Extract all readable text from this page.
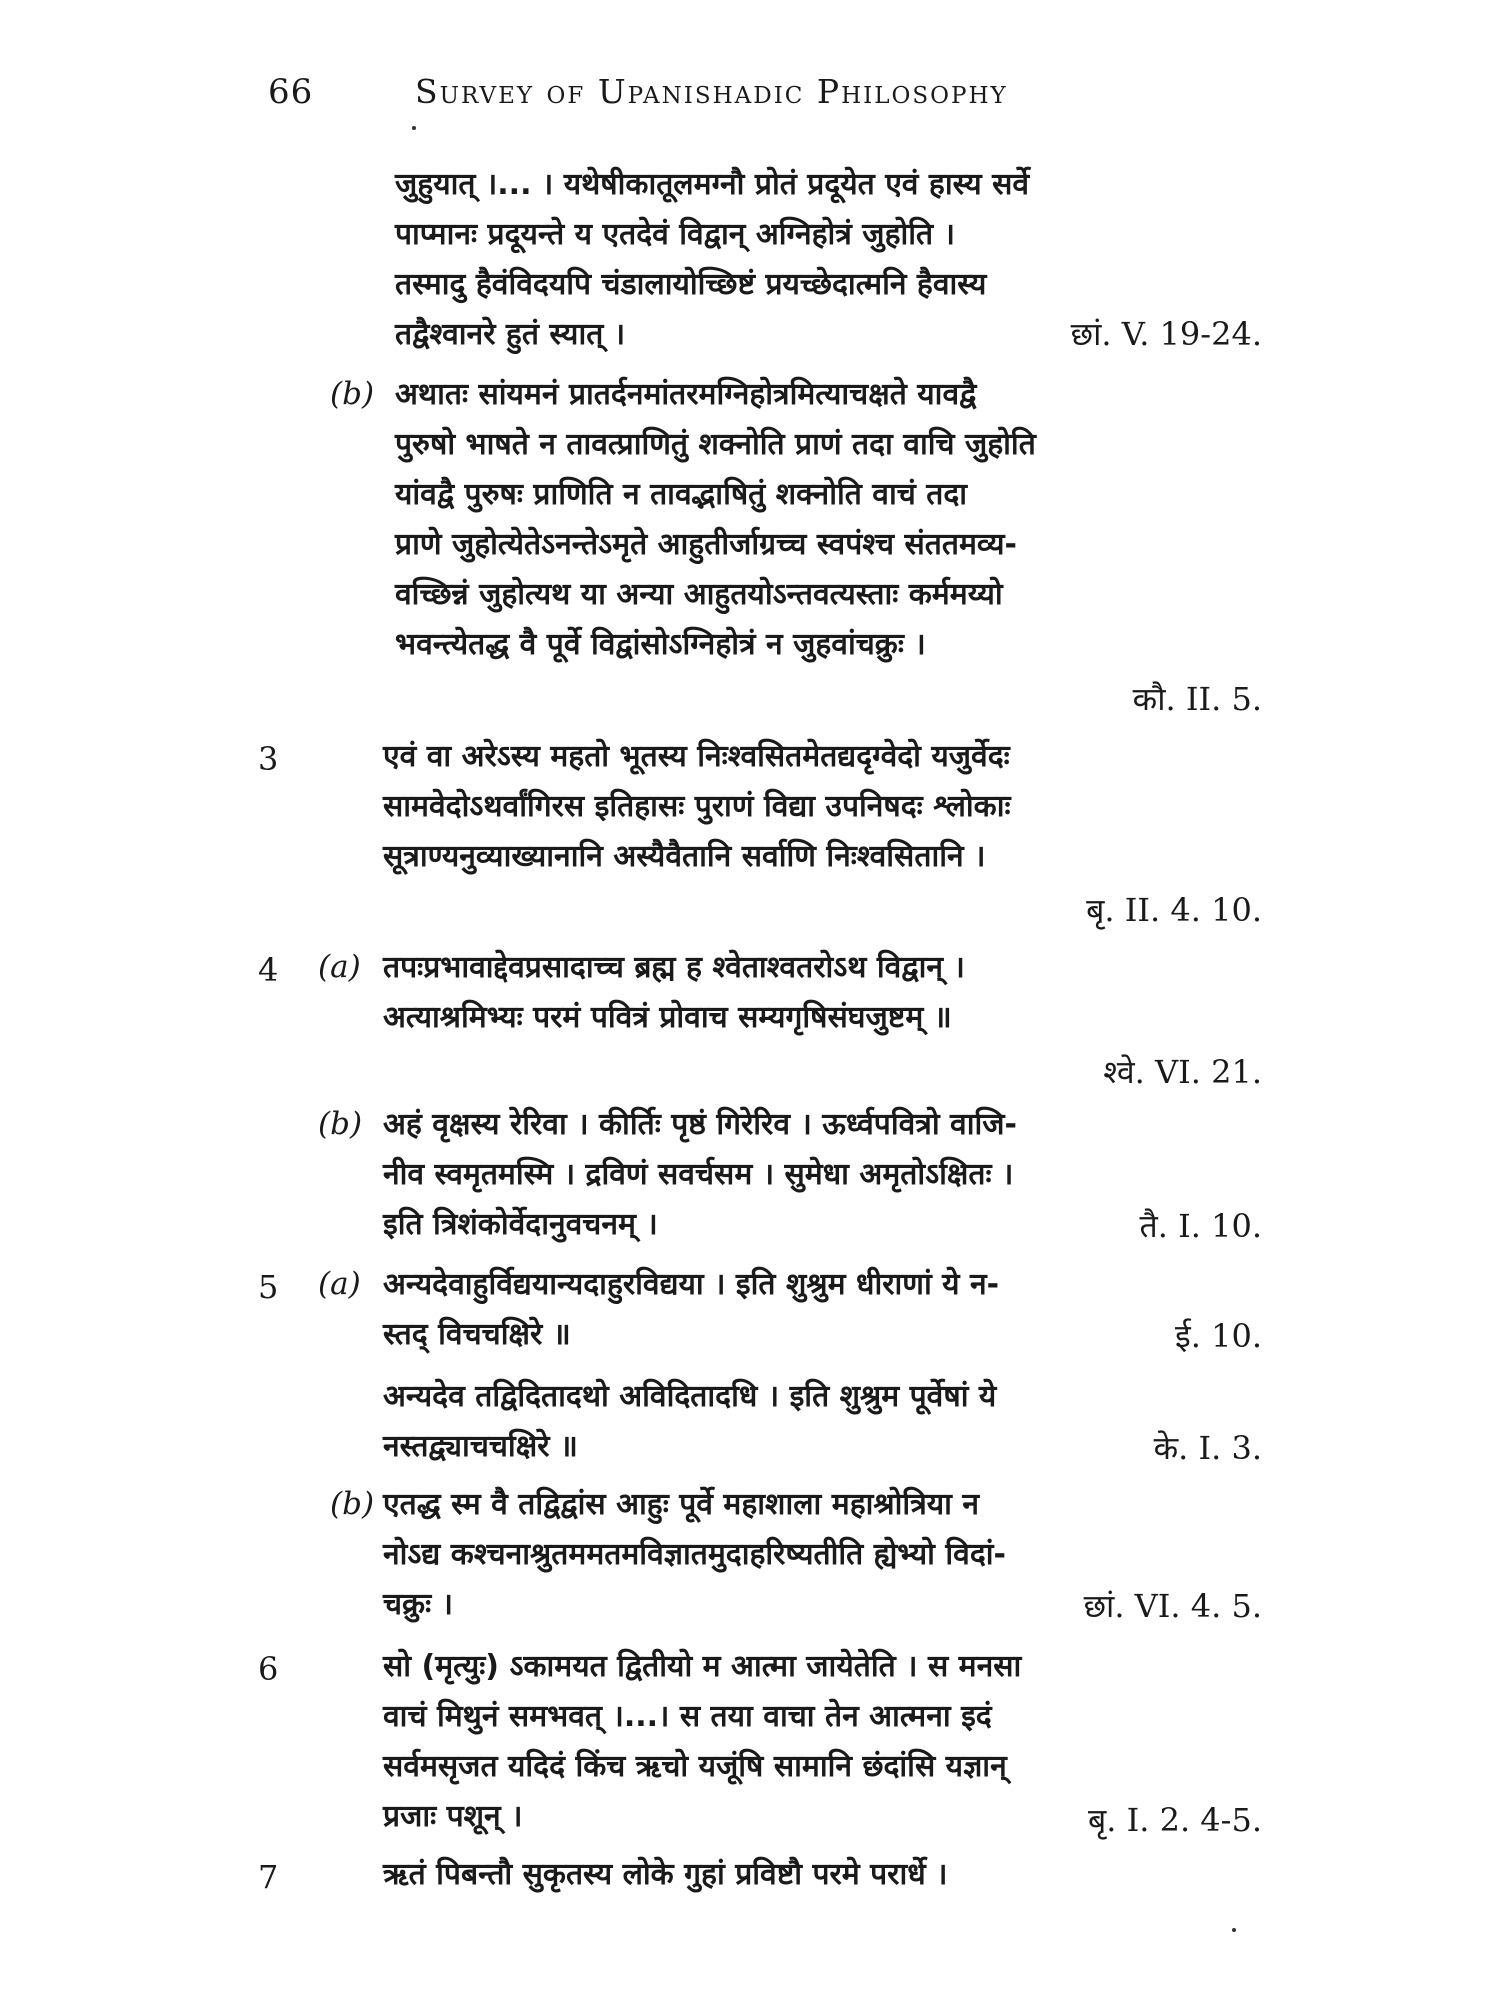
66	Survey of Upanishadic Philosophy
जुहुयात् ।... । यथेषीकातूलमग्नौ प्रोतं प्रदूयेत एवं हास्य सर्वे
पाप्मानः प्रदूयन्ते य एतदेवं विद्वान् अग्निहोत्रं जुहोति ।
तस्मादु हैवंविदयपि चंडालायोच्छिष्टं प्रयच्छेदात्मनि हैवास्य
तद्वैश्वानरे हुतं स्यात् ।	छां. V. 19-24.
(b) अथातः सांयमनं प्रातर्दनमांतरमग्निहोत्रमित्याचक्षते यावद्वै
पुरुषो भाषते न तावत्प्राणितुं शक्नोति प्राणं तदा वाचि जुहोति
यांवद्वै पुरुषः प्राणिति न तावद्भाषितुं शक्नोति वाचं तदा
प्राणे जुहोत्येतेऽनन्तेऽमृते आहुतीर्जाग्रच्च स्वपंश्च संततमव्य-
वच्छिन्नं जुहोत्यथ या अन्या आहुतयोऽन्तवत्यस्ताः कर्ममय्यो
भवन्त्येतद्ध वै पूर्वे विद्वांसोऽग्निहोत्रं न जुहवांचक्रुः ।
कौ. II. 5.
3	एवं वा अरेऽस्य महतो भूतस्य निःश्वसितमेतद्यदृग्वेदो यजुर्वेदः
सामवेदोऽथर्वांगिरस इतिहासः पुराणं विद्या उपनिषदः श्लोकाः
सूत्राण्यनुव्याख्यानानि अस्यैवैतानि सर्वाणि निःश्वसितानि ।
बृ. II. 4. 10.
4 (a) तपःप्रभावाद्देवप्रसादाच्च ब्रह्म ह श्वेताश्वतरोऽथ विद्वान् ।
अत्याश्रमिभ्यः परमं पवित्रं प्रोवाच सम्यगृषिसंघजुष्टम् ॥
श्वे. VI. 21.
(b) अहं वृक्षस्य रेरिवा । कीर्तिः पृष्ठं गिरेरिव । ऊर्ध्वपवित्रो वाजि-
नीव स्वमृतमस्मि । द्रविणं सवर्चसम । सुमेधा अमृतोऽक्षितः ।
इति त्रिशंकोर्वेदानुवचनम् ।	तै. I. 10.
5 (a) अन्यदेवाहुर्विद्ययान्यदाहुरविद्यया । इति शुश्रुम धीराणां ये न-
स्तद् विचचक्षिरे ॥	ई. 10.
अन्यदेव तद्विदितादथो अविदितादधि । इति शुश्रुम पूर्वेषां ये
नस्तद्व्याचचक्षिरे ॥	के. I. 3.
(b) एतद्ध स्म वै तद्विद्वांस आहुः पूर्वे महाशाला महाश्रोत्रिया न
नोऽद्य कश्चनाश्रुतममतमविज्ञातमुदाहरिष्यतीति ह्येभ्यो विदां-
चक्रुः ।	छां. VI. 4. 5.
6	सो (मृत्युः) ऽकामयत द्वितीयो म आत्मा जायेतेति । स मनसा
वाचं मिथुनं समभवत् ।...। स तया वाचा तेन आत्मना इदं
सर्वमसृजत यदिदं किंच ऋचो यजूंषि सामानि छंदांसि यज्ञान्
प्रजाः पशून् ।	बृ. I. 2. 4-5.
7	ऋतं पिबन्तौ सुकृतस्य लोके गुहां प्रविष्टौ परमे परार्धे ।
